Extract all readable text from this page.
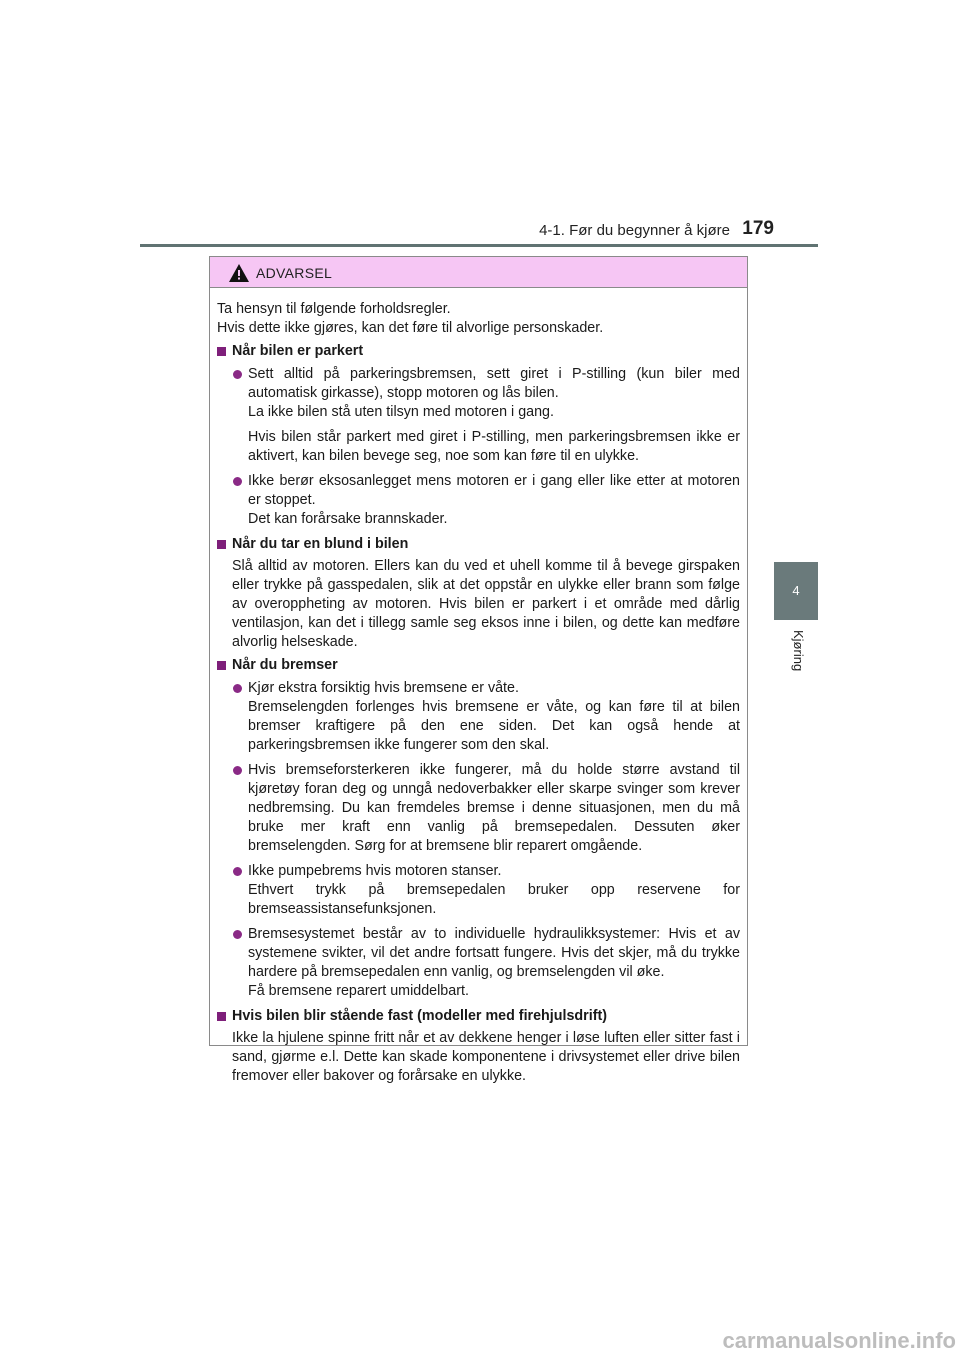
4-1. Før du begynner å kjøre 179
4
Kjøring
ADVARSEL

Ta hensyn til følgende forholdsregler.

Hvis dette ikke gjøres, kan det føre til alvorlige personskader.

Når bilen er parkert

Sett alltid på parkeringsbremsen, sett giret i P-stilling (kun biler med automatisk girkasse), stopp motoren og lås bilen.

La ikke bilen stå uten tilsyn med motoren i gang.

Hvis bilen står parkert med giret i P-stilling, men parkeringsbremsen ikke er aktivert, kan bilen bevege seg, noe som kan føre til en ulykke.

Ikke berør eksosanlegget mens motoren er i gang eller like etter at motoren er stoppet.

Det kan forårsake brannskader.

Når du tar en blund i bilen

Slå alltid av motoren. Ellers kan du ved et uhell komme til å bevege girspaken eller trykke på gasspedalen, slik at det oppstår en ulykke eller brann som følge av overoppheting av motoren. Hvis bilen er parkert i et område med dårlig ventilasjon, kan det i tillegg samle seg eksos inne i bilen, og dette kan medføre alvorlig helseskade.

Når du bremser

Kjør ekstra forsiktig hvis bremsene er våte.

Bremselengden forlenges hvis bremsene er våte, og kan føre til at bilen bremser kraftigere på den ene siden. Det kan også hende at parkeringsbremsen ikke fungerer som den skal.

Hvis bremseforsterkeren ikke fungerer, må du holde større avstand til kjøretøy foran deg og unngå nedoverbakker eller skarpe svinger som krever nedbremsing. Du kan fremdeles bremse i denne situasjonen, men du må bruke mer kraft enn vanlig på bremsepedalen. Dessuten øker bremselengden. Sørg for at bremsene blir reparert omgående.

Ikke pumpebrems hvis motoren stanser.

Ethvert trykk på bremsepedalen bruker opp reservene for bremseassistansefunksjonen.

Bremsesystemet består av to individuelle hydraulikksystemer: Hvis et av systemene svikter, vil det andre fortsatt fungere. Hvis det skjer, må du trykke hardere på bremsepedalen enn vanlig, og bremselengden vil øke.

Få bremsene reparert umiddelbart.

Hvis bilen blir stående fast (modeller med firehjulsdrift)

Ikke la hjulene spinne fritt når et av dekkene henger i løse luften eller sitter fast i sand, gjørme e.l. Dette kan skade komponentene i drivsystemet eller drive bilen fremover eller bakover og forårsake en ulykke.

carmanualsonline.info
